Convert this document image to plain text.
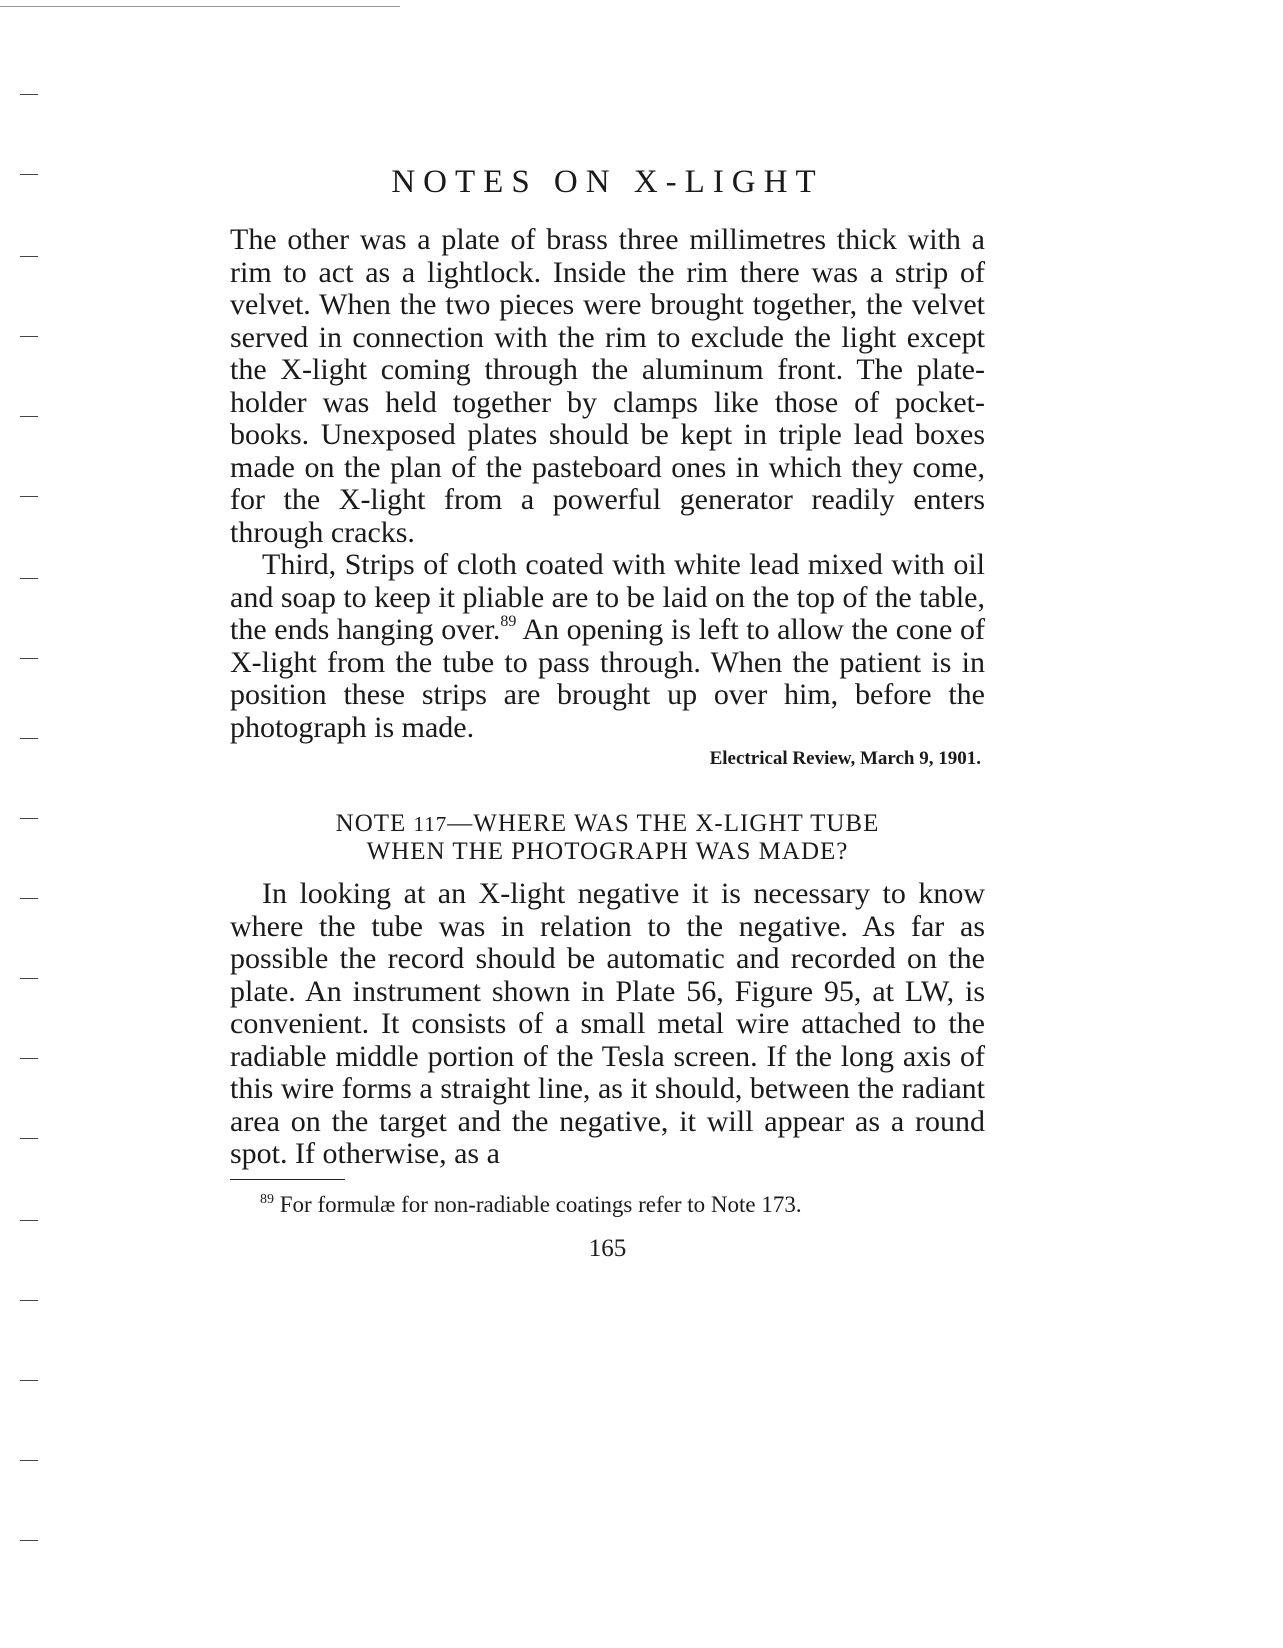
NOTES ON X-LIGHT

The other was a plate of brass three millimetres thick with a rim to act as a lightlock. Inside the rim there was a strip of velvet. When the two pieces were brought together, the velvet served in connection with the rim to exclude the light except the X-light coming through the aluminum front. The plate-holder was held together by clamps like those of pocket-books. Unexposed plates should be kept in triple lead boxes made on the plan of the pasteboard ones in which they come, for the X-light from a powerful generator readily enters through cracks.

Third, Strips of cloth coated with white lead mixed with oil and soap to keep it pliable are to be laid on the top of the table, the ends hanging over.$^{89}$ An opening is left to allow the cone of X-light from the tube to pass through. When the patient is in position these strips are brought up over him, before the photograph is made.

Electrical Review, March 9, 1901.
NOTE 117—WHERE WAS THE X-LIGHT TUBE
WHEN THE PHOTOGRAPH WAS MADE?

In looking at an X-light negative it is necessary to know where the tube was in relation to the negative. As far as possible the record should be automatic and recorded on the plate. An instrument shown in Plate 56, Figure 95, at LW, is convenient. It consists of a small metal wire attached to the radiable middle portion of the Tesla screen. If the long axis of this wire forms a straight line, as it should, between the radiant area on the target and the negative, it will appear as a round spot. If otherwise, as a

$^{89}$ For formulæ for non-radiable coatings refer to Note 173.

165
